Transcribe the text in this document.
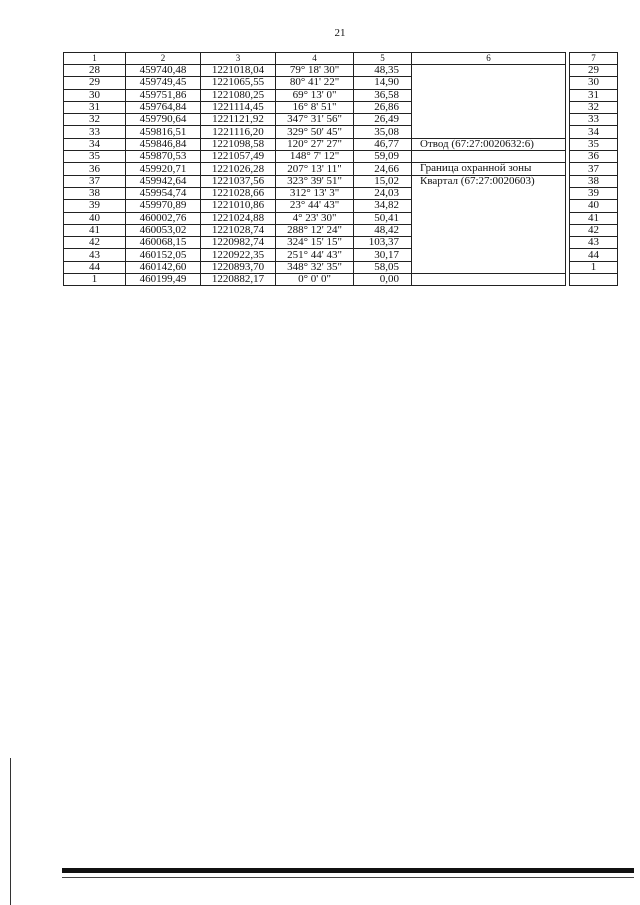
21
1	2	3	4	5	6		7
28	459740,48	1221018,04	79° 18' 30"	48,35			29
29	459749,45	1221065,55	80° 41' 22"	14,90			30
30	459751,86	1221080,25	69° 13' 0"	36,58			31
31	459764,84	1221114,45	16° 8' 51"	26,86			32
32	459790,64	1221121,92	347° 31' 56"	26,49			33
33	459816,51	1221116,20	329° 50' 45"	35,08			34
34	459846,84	1221098,58	120° 27' 27"	46,77	Отвод (67:27:0020632:6)		35
35	459870,53	1221057,49	148° 7' 12"	59,09			36
36	459920,71	1221026,28	207° 13' 11"	24,66	Граница охранной зоны		37
37	459942,64	1221037,56	323° 39' 51"	15,02	Квартал (67:27:0020603)		38
38	459954,74	1221028,66	312° 13' 3"	24,03			39
39	459970,89	1221010,86	23° 44' 43"	34,82			40
40	460002,76	1221024,88	4° 23' 30"	50,41			41
41	460053,02	1221028,74	288° 12' 24"	48,42			42
42	460068,15	1220982,74	324° 15' 15"	103,37			43
43	460152,05	1220922,35	251° 44' 43"	30,17			44
44	460142,60	1220893,70	348° 32' 35"	58,05			1
1	460199,49	1220882,17	0° 0' 0"	0,00			
